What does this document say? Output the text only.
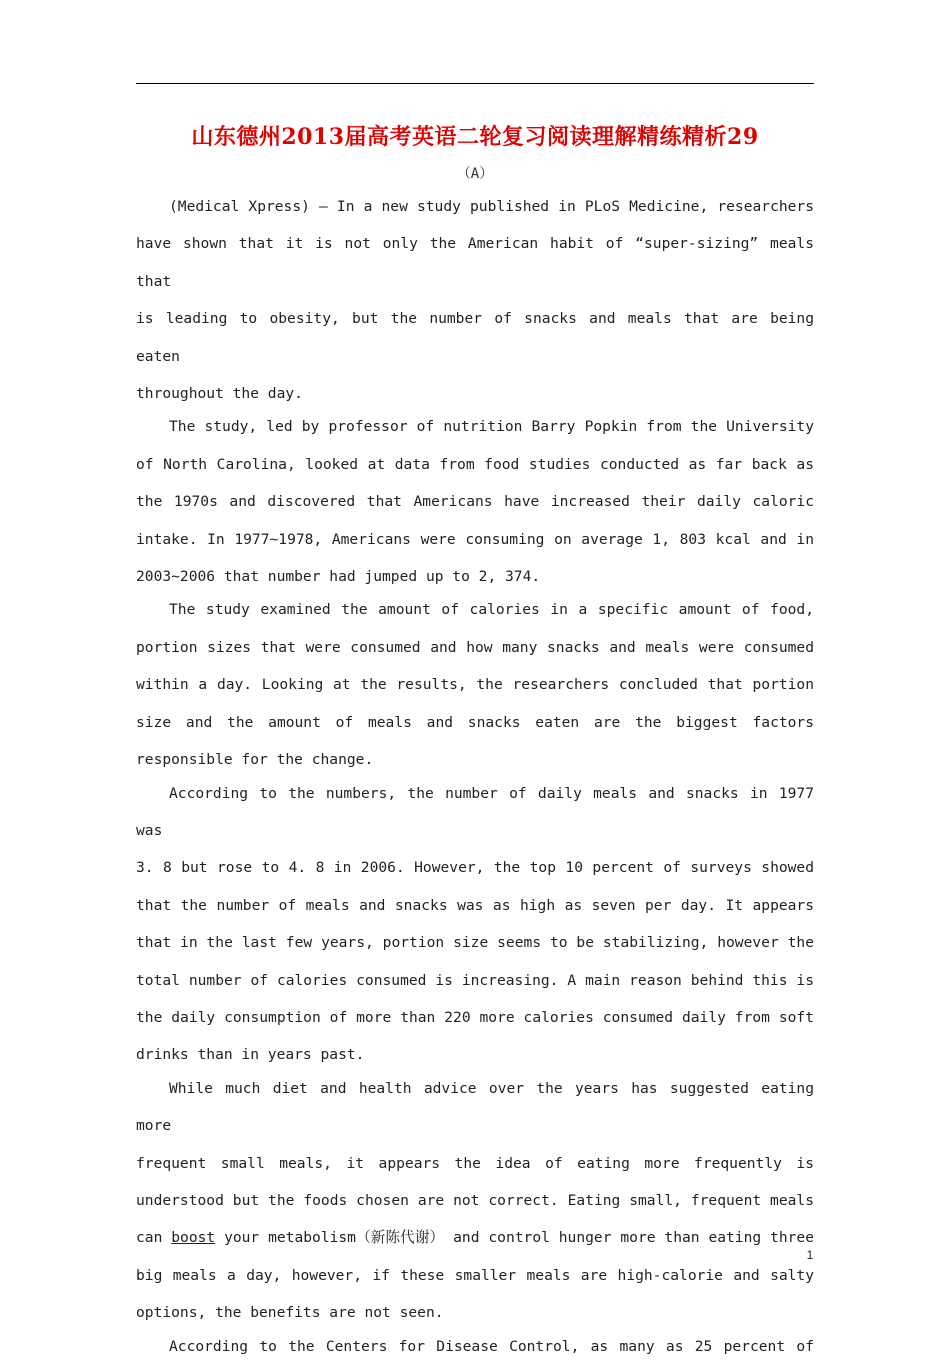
山东德州2013届高考英语二轮复习阅读理解精练精析29
（A）
(Medical Xpress) — In a new study published in PLoS Medicine, researchers
have shown that it is not only the American habit of “super-sizing” meals that
is leading to obesity, but the number of snacks and meals that are being eaten
throughout the day.
The study, led by professor of nutrition Barry Popkin from the University
of North Carolina, looked at data from food studies conducted as far back as
the 1970s and discovered that Americans have increased their daily caloric
intake. In 1977~1978, Americans were consuming on average 1, 803 kcal and in
2003~2006 that number had jumped up to 2, 374.
The study examined the amount of calories in a specific amount of food,
portion sizes that were consumed and how many snacks and meals were consumed
within a day. Looking at the results, the researchers concluded that portion
size and the amount of meals and snacks eaten are the biggest factors
responsible for the change.
According to the numbers, the number of daily meals and snacks in 1977 was
3. 8 but rose to 4. 8 in 2006. However, the top 10 percent of surveys showed
that the number of meals and snacks was as high as seven per day. It appears
that in the last few years, portion size seems to be stabilizing, however the
total number of calories consumed is increasing. A main reason behind this is
the daily consumption of more than 220 more calories consumed daily from soft
drinks than in years past.
While much diet and health advice over the years has suggested eating more
frequent small meals, it appears the idea of eating more frequently is
understood but the foods chosen are not correct. Eating small, frequent meals
can boost your metabolism（新陈代谢） and control hunger more than eating three
big meals a day, however, if these smaller meals are high-calorie and salty
options, the benefits are not seen.
According to the Centers for Disease Control, as many as 25 percent of
1
